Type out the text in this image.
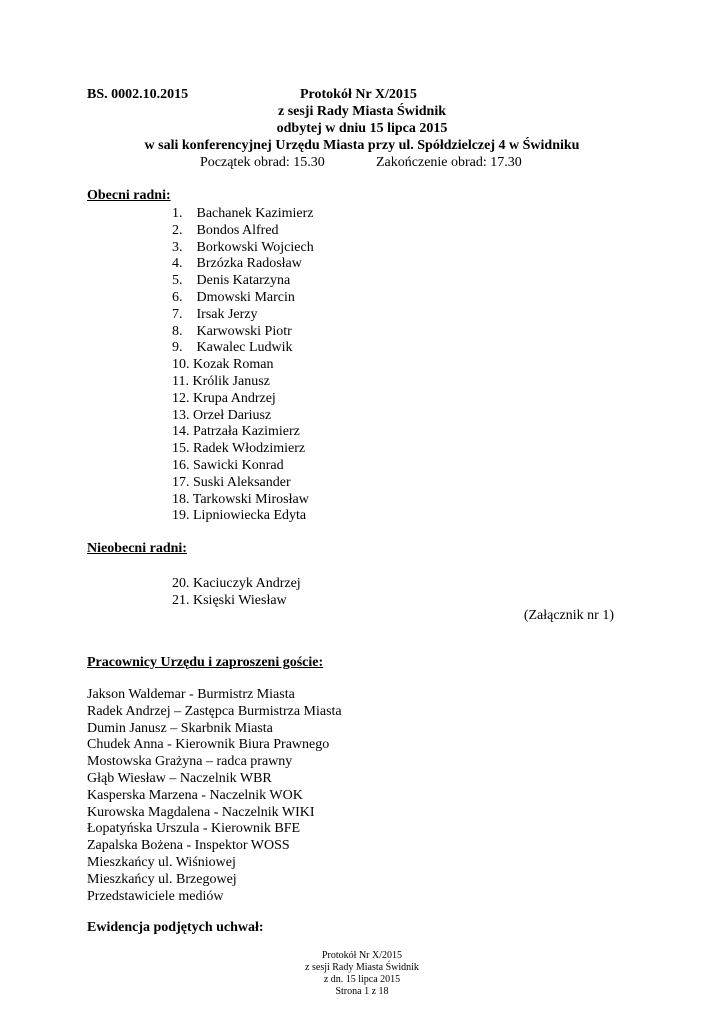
BS. 0002.10.2015	Protokół Nr X/2015
z sesji Rady Miasta Świdnik
odbytej w dniu 15 lipca 2015
w sali konferencyjnej Urzędu Miasta przy ul. Spółdzielczej 4 w Świdniku
Początek obrad: 15.30	Zakończenie obrad: 17.30
Obecni radni:
1. Bachanek Kazimierz
2. Bondos Alfred
3. Borkowski Wojciech
4. Brzózka Radosław
5. Denis Katarzyna
6. Dmowski Marcin
7. Irsak Jerzy
8. Karwowski Piotr
9. Kawalec Ludwik
10. Kozak Roman
11. Królik Janusz
12. Krupa Andrzej
13. Orzeł Dariusz
14. Patrzała Kazimierz
15. Radek Włodzimierz
16. Sawicki Konrad
17. Suski Aleksander
18. Tarkowski Mirosław
19. Lipniowiecka Edyta
Nieobecni radni:
20. Kaciuczyk Andrzej
21. Księski Wiesław
(Załącznik nr 1)
Pracownicy Urzędu i zaproszeni goście:
Jakson Waldemar - Burmistrz Miasta
Radek Andrzej – Zastępca Burmistrza Miasta
Dumin Janusz – Skarbnik Miasta
Chudek Anna - Kierownik Biura Prawnego
Mostowska Grażyna – radca prawny
Głąb Wiesław – Naczelnik WBR
Kasperska Marzena - Naczelnik WOK
Kurowska Magdalena - Naczelnik WIKI
Łopatyńska Urszula - Kierownik BFE
Zapalska Bożena - Inspektor WOSS
Mieszkańcy ul. Wiśniowej
Mieszkańcy ul. Brzegowej
Przedstawiciele mediów
Ewidencja podjętych uchwał:
Protokół Nr X/2015
z sesji Rady Miasta Świdnik
z dn. 15 lipca 2015
Strona 1 z 18
